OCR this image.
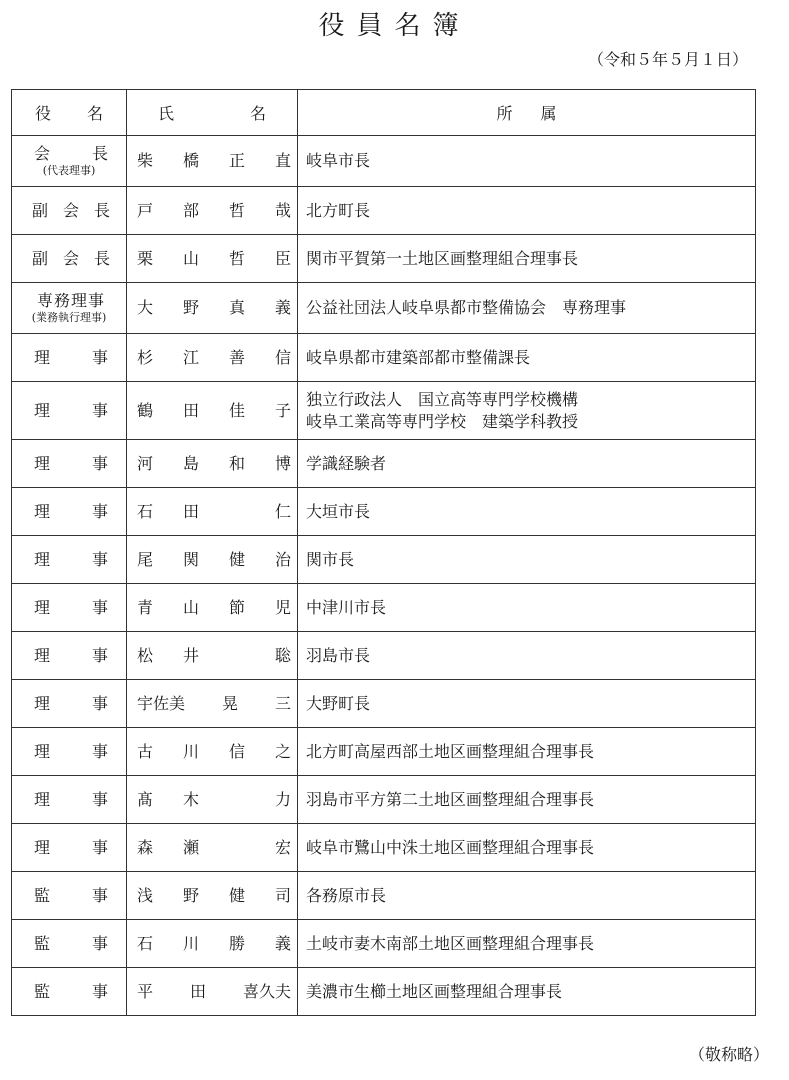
役員名簿
（令和５年５月１日）
役 名	氏 名	所 属

会 長
(代表理事)	柴 橋 正 直	岐阜市長

副 会 長	戸 部 哲 哉	北方町長

副 会 長	栗 山 哲 臣	関市平賀第一土地区画整理組合理事長

専務理事
(業務執行理事)	大 野 真 義	公益社団法人岐阜県都市整備協会　専務理事

理 事	杉 江 善 信	岐阜県都市建築部都市整備課長

理 事	鶴 田 佳 子	独立行政法人　国立高等専門学校機構
岐阜工業高等専門学校　建築学科教授

理 事	河 島 和 博	学識経験者

理 事	石 田 仁	大垣市長

理 事	尾 関 健 治	関市長

理 事	青 山 節 児	中津川市長

理 事	松 井 聡	羽島市長

理 事	宇佐美 晃 三	大野町長

理 事	古 川 信 之	北方町高屋西部土地区画整理組合理事長

理 事	髙 木 力	羽島市平方第二土地区画整理組合理事長

理 事	森 瀬 宏	岐阜市鷺山中洙土地区画整理組合理事長

監 事	浅 野 健 司	各務原市長

監 事	石 川 勝 義	土岐市妻木南部土地区画整理組合理事長

監 事	平 田 喜久夫	美濃市生櫛土地区画整理組合理事長
（敬称略）
